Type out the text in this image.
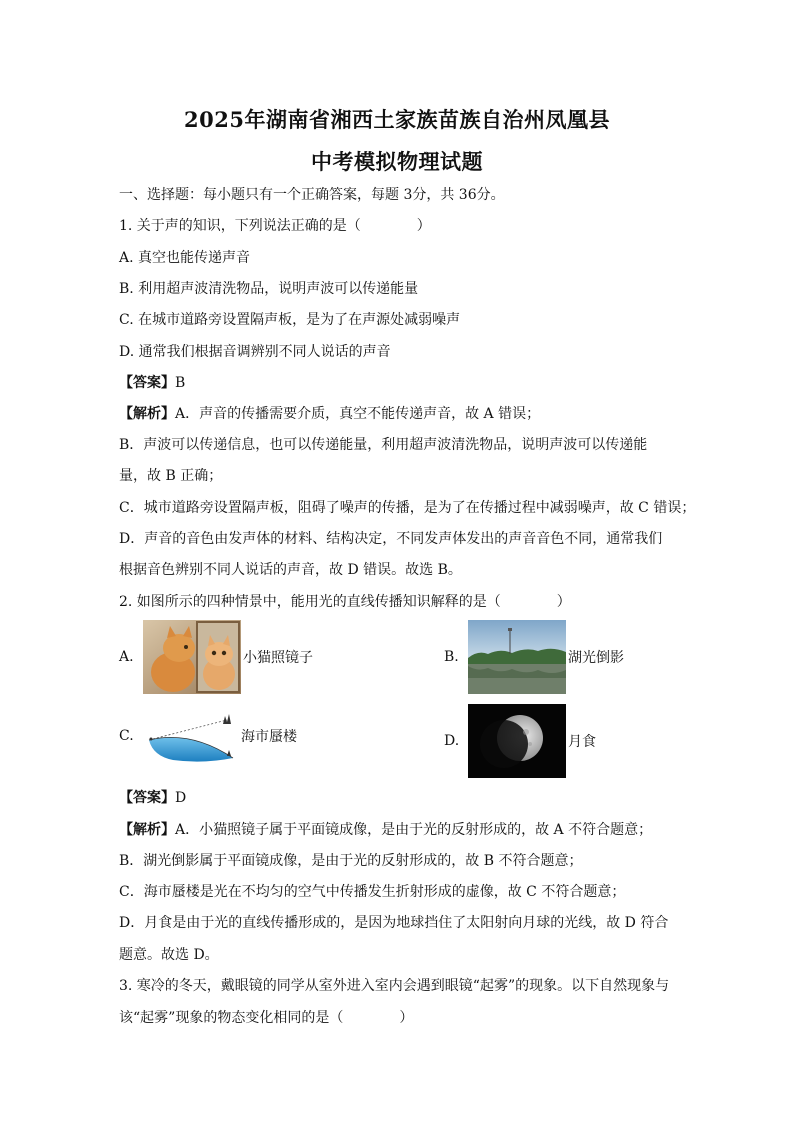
2025年湖南省湘西土家族苗族自治州凤凰县
中考模拟物理试题
一、选择题：每小题只有一个正确答案，每题 3分，共 36分。
1. 关于声的知识，下列说法正确的是（　　　　）
A. 真空也能传递声音
B. 利用超声波清洗物品，说明声波可以传递能量
C. 在城市道路旁设置隔声板，是为了在声源处减弱噪声
D. 通常我们根据音调辨别不同人说话的声音
【答案】B
【解析】A．声音的传播需要介质，真空不能传递声音，故 A 错误；
B．声波可以传递信息，也可以传递能量，利用超声波清洗物品，说明声波可以传递能
量，故 B 正确；
C．城市道路旁设置隔声板，阻碍了噪声的传播，是为了在传播过程中减弱噪声，故 C 错误；
D．声音的音色由发声体的材料、结构决定，不同发声体发出的声音音色不同，通常我们
根据音色辨别不同人说话的声音，故 D 错误。故选 B。
2. 如图所示的四种情景中，能用光的直线传播知识解释的是（　　　　）
A.	小猫照镜子	B.	湖光倒影
C.	海市蜃楼	D.	月食
【答案】D
【解析】A．小猫照镜子属于平面镜成像，是由于光的反射形成的，故 A 不符合题意；
B．湖光倒影属于平面镜成像，是由于光的反射形成的，故 B 不符合题意；
C．海市蜃楼是光在不均匀的空气中传播发生折射形成的虚像，故 C 不符合题意；
D．月食是由于光的直线传播形成的，是因为地球挡住了太阳射向月球的光线，故 D 符合
题意。故选 D。
3. 寒冷的冬天，戴眼镜的同学从室外进入室内会遇到眼镜“起雾”的现象。以下自然现象与
该“起雾”现象的物态变化相同的是（　　　　）
